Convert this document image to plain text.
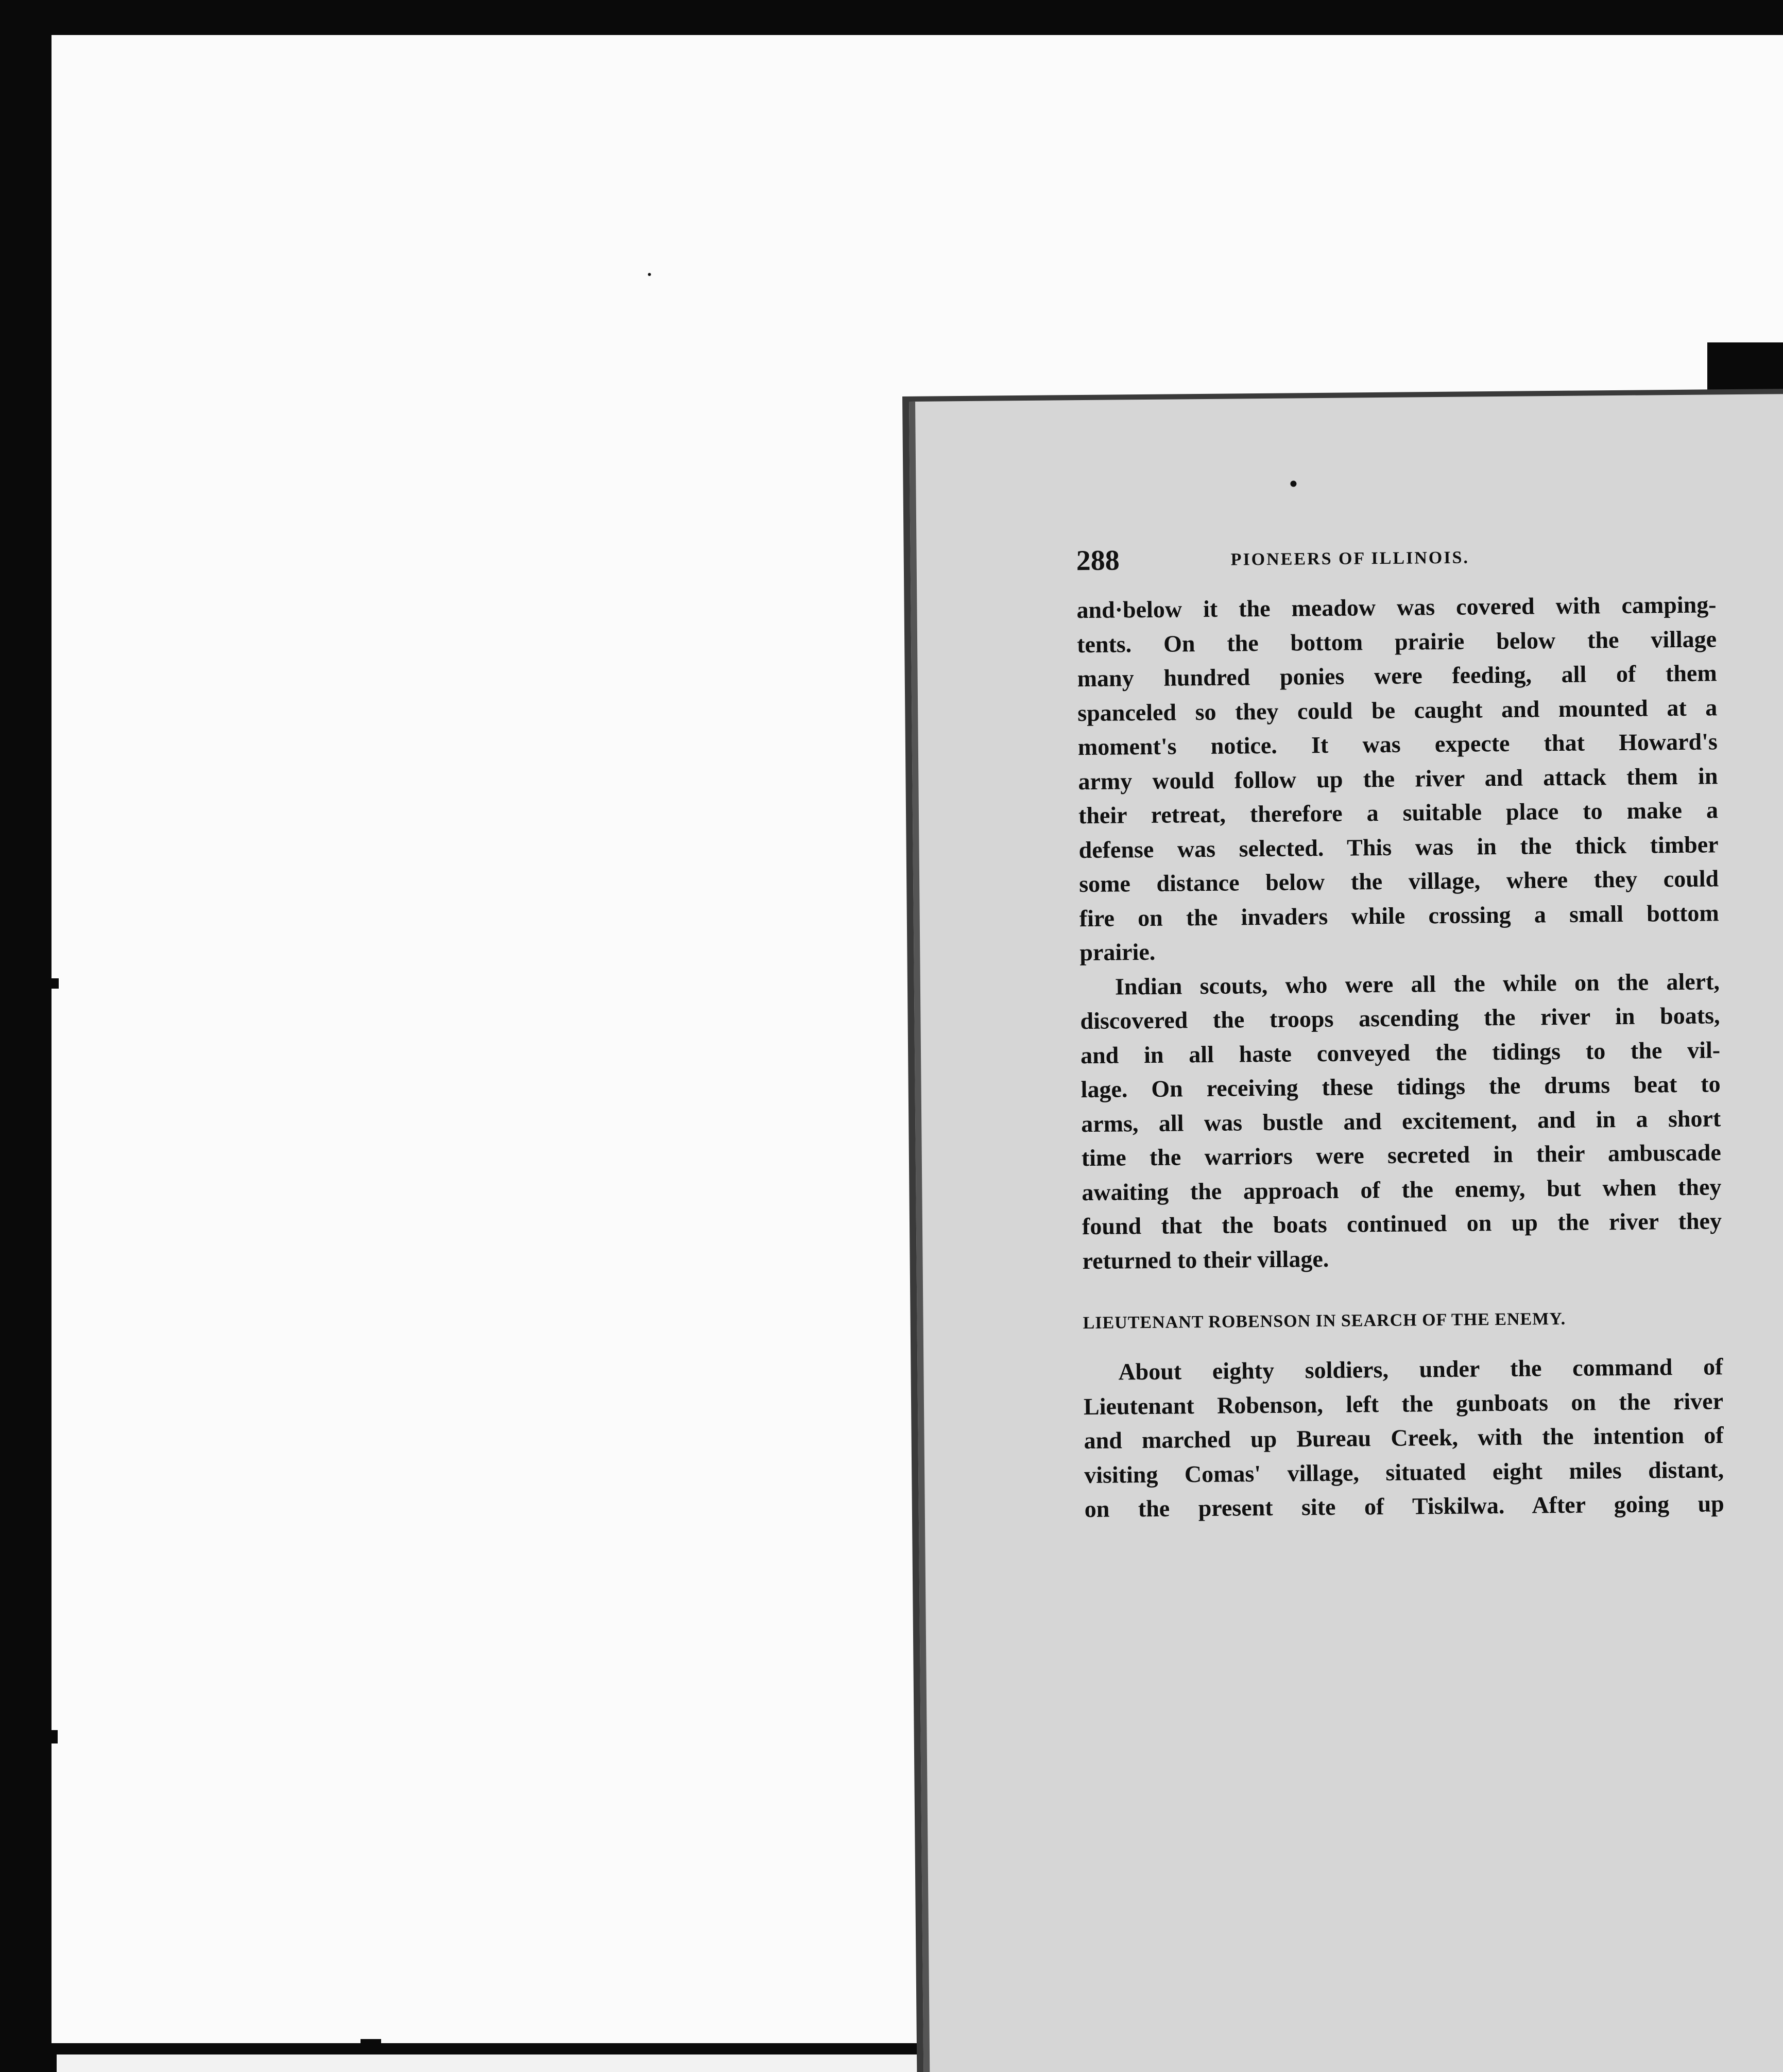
288	PIONEERS OF ILLINOIS.
and·below it the meadow was covered with camping-
tents. On the bottom prairie below the village
many hundred ponies were feeding, all of them
spanceled so they could be caught and mounted at a
moment's notice. It was expecte that Howard's
army would follow up the river and attack them in
their retreat, therefore a suitable place to make a
defense was selected. This was in the thick timber
some distance below the village, where they could
fire on the invaders while crossing a small bottom
prairie.
Indian scouts, who were all the while on the alert,
discovered the troops ascending the river in boats,
and in all haste conveyed the tidings to the vil-
lage. On receiving these tidings the drums beat to
arms, all was bustle and excitement, and in a short
time the warriors were secreted in their ambuscade
awaiting the approach of the enemy, but when they
found that the boats continued on up the river they
returned to their village.
LIEUTENANT ROBENSON IN SEARCH OF THE ENEMY.
About eighty soldiers, under the command of
Lieutenant Robenson, left the gunboats on the river
and marched up Bureau Creek, with the intention of
visiting Comas' village, situated eight miles distant,
on the present site of Tiskilwa. After going up
